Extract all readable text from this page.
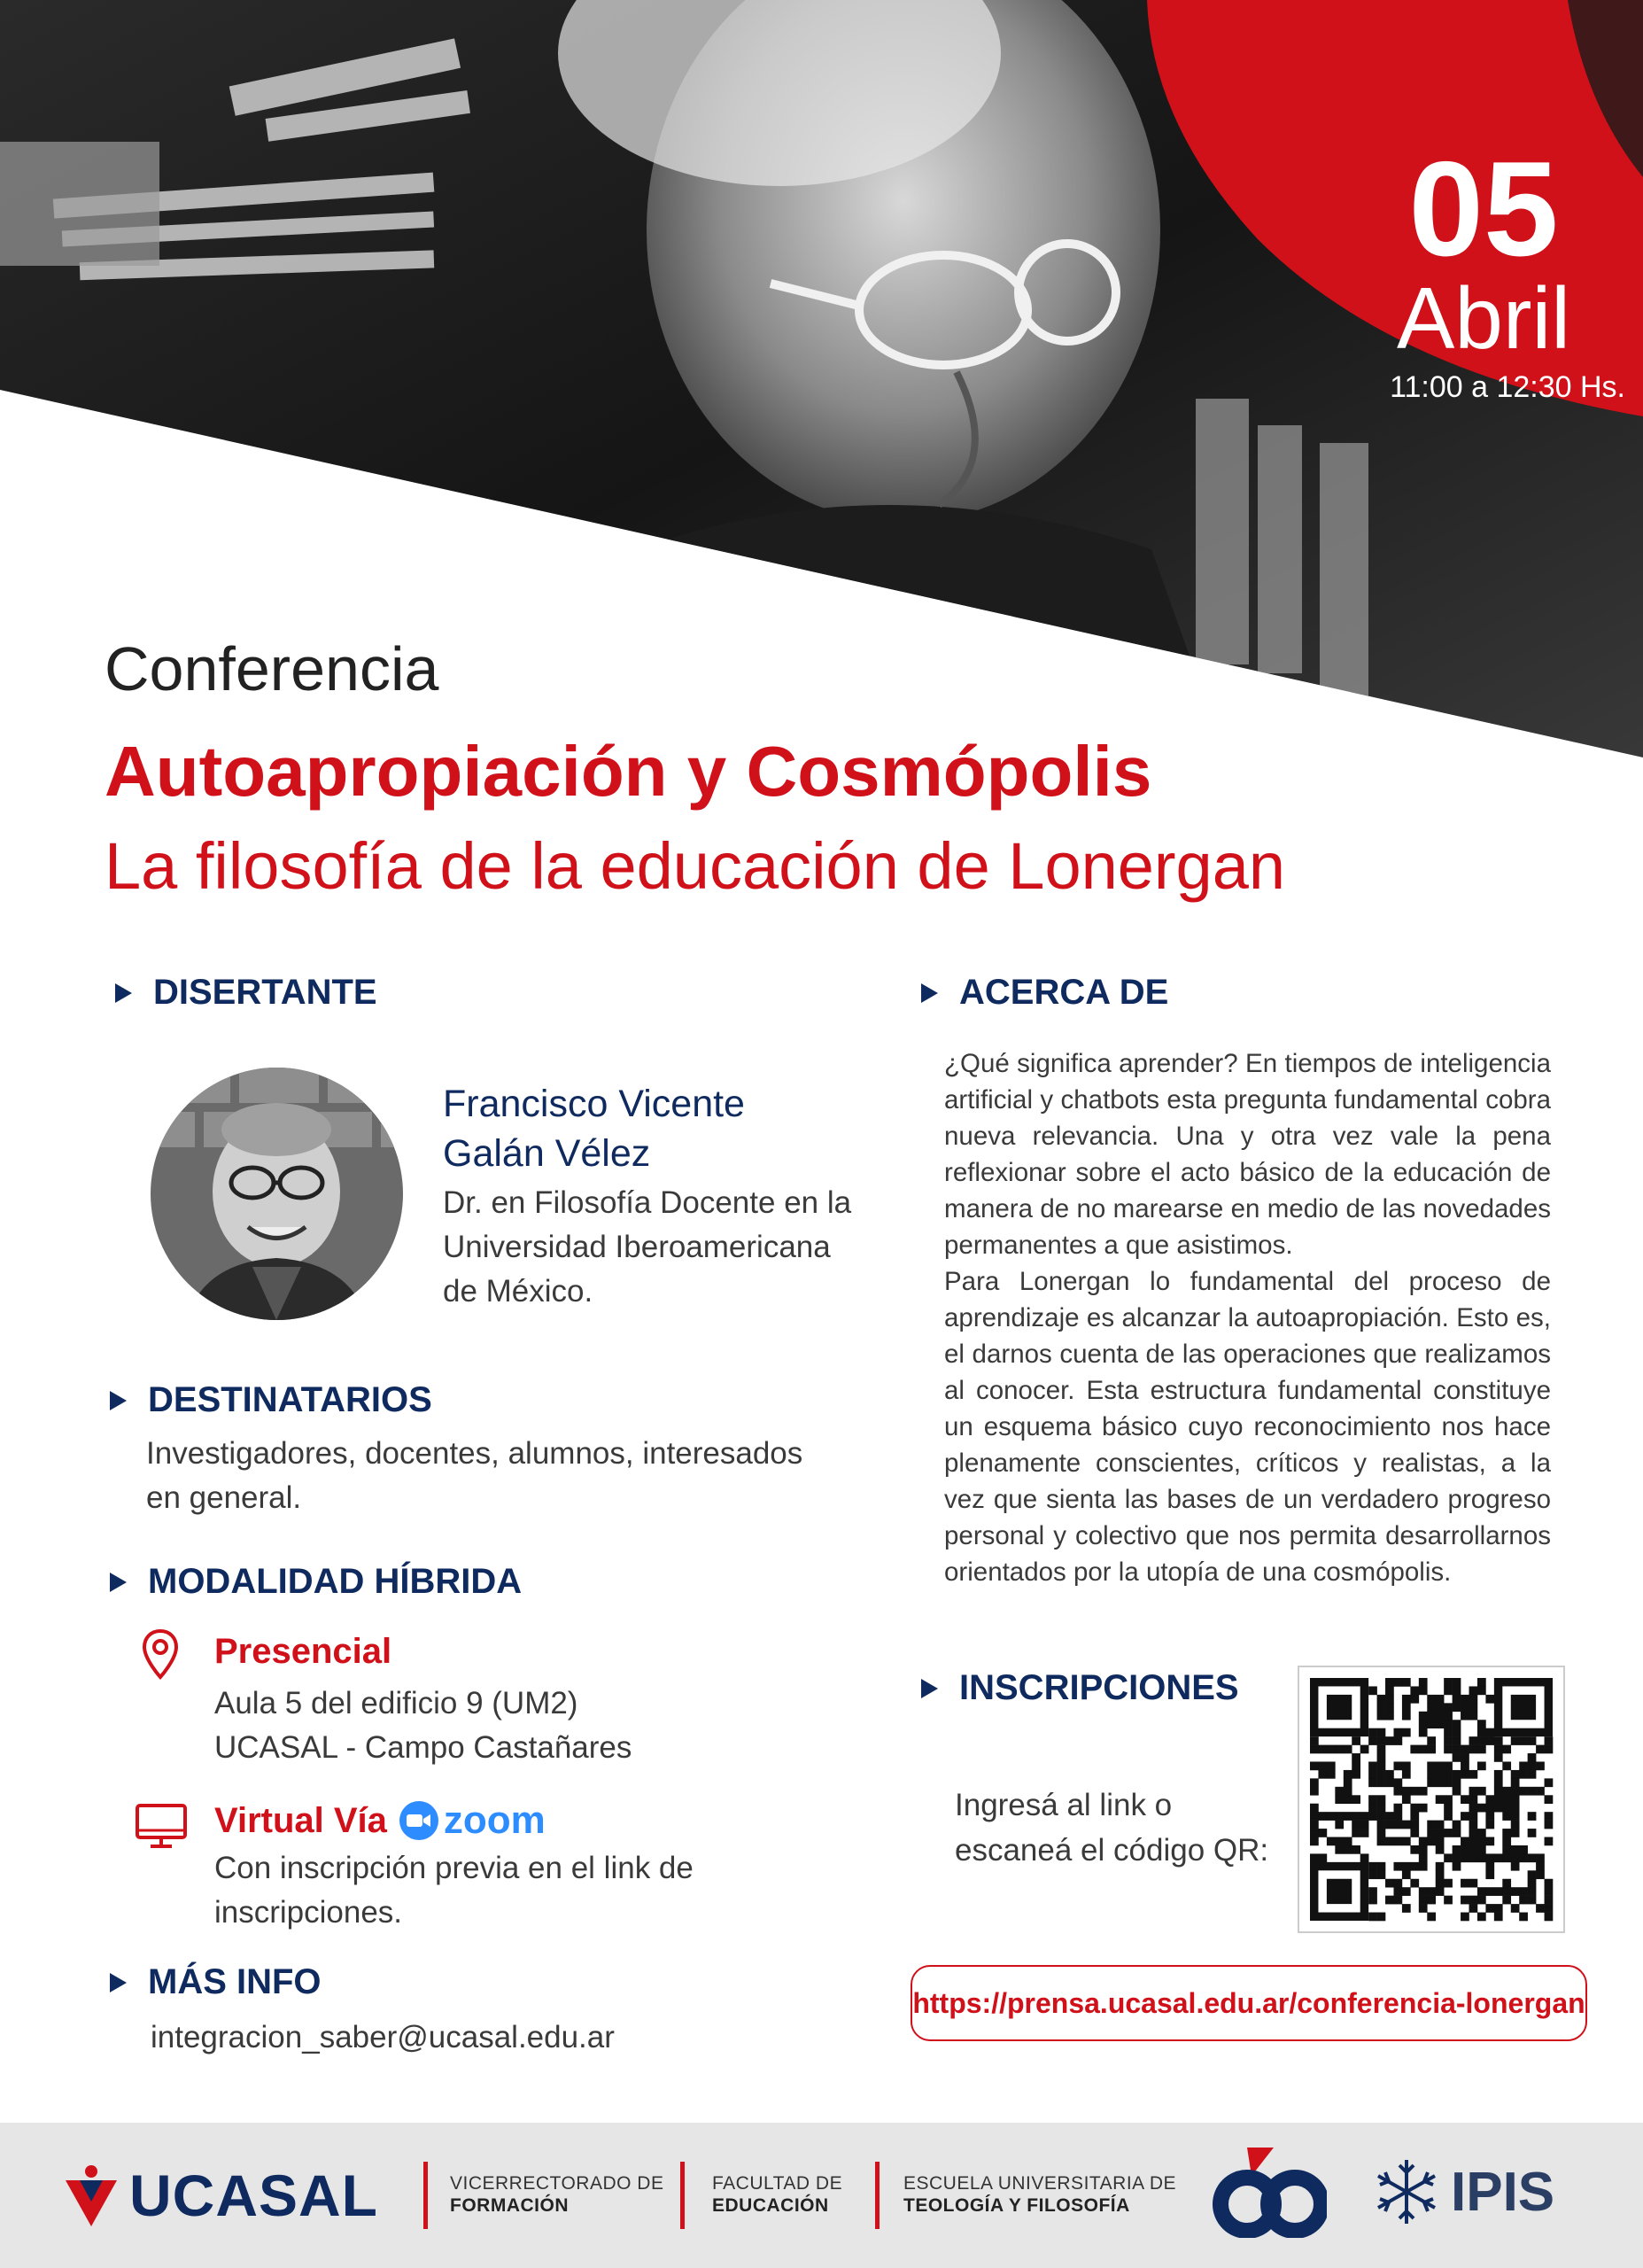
05
Abril
11:00 a 12:30 Hs.
Conferencia
Autoapropiación y Cosmópolis
La filosofía de la educación de Lonergan
DISERTANTE
Francisco Vicente
Galán Vélez
Dr. en Filosofía Docente en la
Universidad Iberoamericana
de México.
DESTINATARIOS
Investigadores, docentes, alumnos, interesados
en general.
MODALIDAD HÍBRIDA
Presencial
Aula 5 del edificio 9 (UM2)
UCASAL - Campo Castañares
Virtual Vía zoom
Con inscripción previa en el link de
inscripciones.
MÁS INFO
integracion_saber@ucasal.edu.ar
ACERCA DE

¿Qué significa aprender? En tiempos de inteligencia artificial y chatbots esta pregunta fundamental cobra nueva relevancia. Una y otra vez vale la pena reflexionar sobre el acto básico de la educación de manera de no marearse en medio de las novedades permanentes a que asistimos.

Para Lonergan lo fundamental del proceso de aprendizaje es alcanzar la autoapropiación. Esto es, el darnos cuenta de las operaciones que realizamos al conocer. Esta estructura fundamental constituye un esquema básico cuyo reconocimiento nos hace plenamente conscientes, críticos y realistas, a la vez que sienta las bases de un verdadero progreso personal y colectivo que nos permita desarrollarnos orientados por la utopía de una cosmópolis.

INSCRIPCIONES
Ingresá al link o
escaneá el código QR:
https://prensa.ucasal.edu.ar/conferencia-lonergan
UCASAL	VICERRECTORADO DE
FORMACIÓN
FACULTAD DE
EDUCACIÓN
ESCUELA UNIVERSITARIA DE
TEOLOGÍA Y FILOSOFÍA	IPIS
